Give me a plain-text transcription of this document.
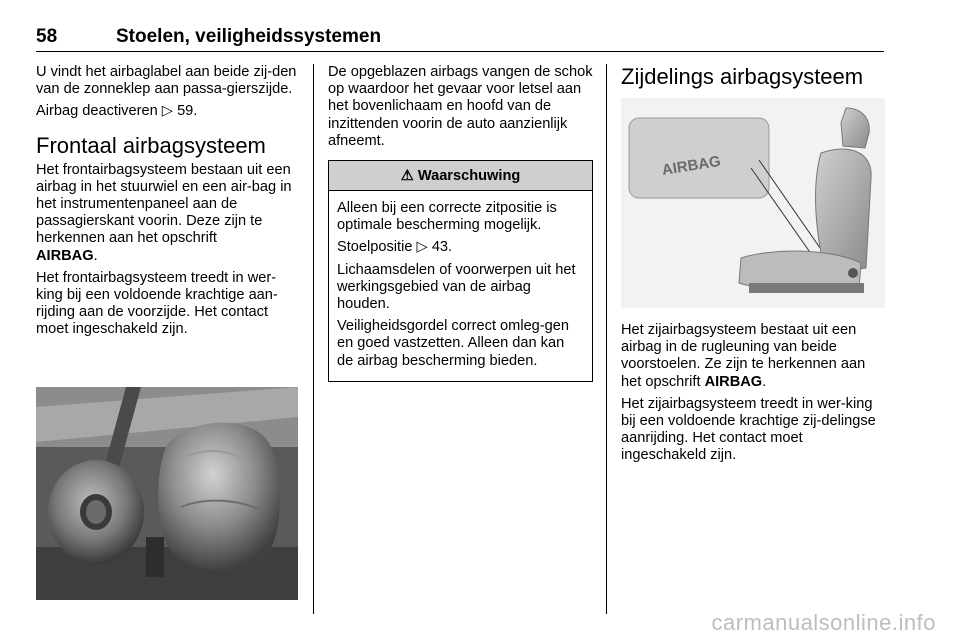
58	Stoelen, veiligheidssystemen

U vindt het airbaglabel aan beide zij-den van de zonneklep aan passa-gierszijde.

Airbag deactiveren ▷ 59.

Frontaal airbagsysteem

Het frontairbagsysteem bestaan uit een airbag in het stuurwiel en een air-bag in het instrumentenpaneel aan de passagierskant voorin. Deze zijn te herkennen aan het opschrift
AIRBAG.

Het frontairbagsysteem treedt in wer-king bij een voldoende krachtige aan-rijding aan de voorzijde. Het contact moet ingeschakeld zijn.

De opgeblazen airbags vangen de schok op waardoor het gevaar voor letsel aan het bovenlichaam en hoofd van de inzittenden voorin de auto aanzienlijk afneemt.

⚠ Waarschuwing

Alleen bij een correcte zitpositie is optimale bescherming mogelijk.

Stoelpositie ▷ 43.

Lichaamsdelen of voorwerpen uit het werkingsgebied van de airbag houden.

Veiligheidsgordel correct omleg-gen en goed vastzetten. Alleen dan kan de airbag bescherming bieden.

Zijdelings airbagsysteem
AIRBAG

Het zijairbagsysteem bestaat uit een airbag in de rugleuning van beide voorstoelen. Ze zijn te herkennen aan het opschrift AIRBAG.

Het zijairbagsysteem treedt in wer-king bij een voldoende krachtige zij-delingse aanrijding. Het contact moet ingeschakeld zijn.

carmanualsonline.info
